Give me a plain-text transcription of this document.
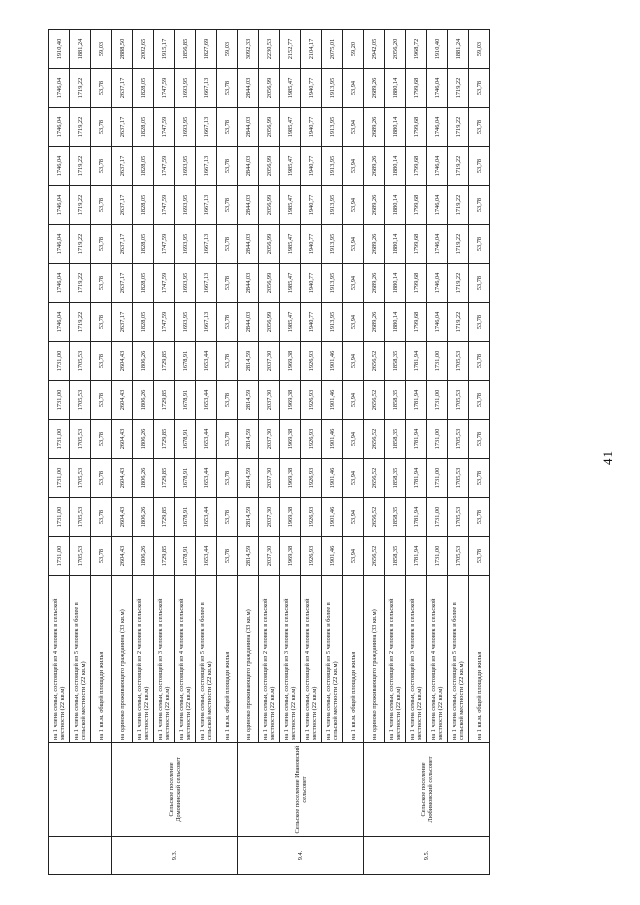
		на 1 члена семьи, состоящей из 4 человек в сельской местности (22 кв.м)	1731,00	1731,00	1731,00	1731,00	1731,00	1731,00	1746,04	1746,04	1746,04	1746,04	1746,04	1746,04	1746,04	1910,40
		на 1 члена семьи, состоящей из 5 человек и более в сельской местности (22 кв.м)	1705,53	1705,53	1705,53	1705,53	1705,53	1705,53	1719,22	1719,22	1719,22	1719,22	1719,22	1719,22	1719,22	1881,24
		на 1 кв.м. общей площади жилья	53,78	53,78	53,78	53,78	53,78	53,78	53,78	53,78	53,78	53,78	53,78	53,78	53,78	59,03
9.3.	Сельское поселение Домовинский сельсовет	на одиноко проживающего гражданина (33 кв.м)	2604,43	2604,43	2604,43	2604,43	2604,43	2604,43	2637,17	2637,17	2637,17	2637,17	2637,17	2637,17	2637,17	2888,50
		на 1 члена семьи, состоящей из 2 человек в сельской местности (22 кв.м)	1806,26	1806,26	1806,26	1806,26	1806,26	1806,26	1828,05	1828,05	1828,05	1828,05	1828,05	1828,05	1828,05	2002,65
		на 1 члена семьи, состоящей из 3 человек в сельской местности (22 кв.м)	1729,85	1729,85	1729,85	1729,85	1729,85	1729,85	1747,59	1747,59	1747,59	1747,59	1747,59	1747,59	1747,59	1915,17
		на 1 члена семьи, состоящей из 4 человек в сельской местности (22 кв.м)	1678,91	1678,91	1678,91	1678,91	1678,91	1678,91	1693,95	1693,95	1693,95	1693,95	1693,95	1693,95	1693,95	1856,85
		на 1 члена семьи, состоящей из 5 человек и более в сельской местности (22 кв.м)	1653,44	1653,44	1653,44	1653,44	1653,44	1653,44	1667,13	1667,13	1667,13	1667,13	1667,13	1667,13	1667,13	1827,69
		на 1 кв.м. общей площади жилья	53,78	53,78	53,78	53,78	53,78	53,78	53,78	53,78	53,78	53,78	53,78	53,78	53,78	59,03
9.4.	Сельское поселение Ивановский сельсовет	на одиноко проживающего гражданина (33 кв.м)	2814,59	2814,59	2814,59	2814,59	2814,59	2814,59	2844,03	2844,03	2844,03	2844,03	2844,03	2844,03	2844,03	3092,33
		на 1 члена семьи, состоящей из 2 человек в сельской местности (22 кв.м)	2037,30	2037,30	2037,30	2037,30	2037,30	2037,30	2056,99	2056,99	2056,99	2056,99	2056,99	2056,99	2056,99	2230,53
		на 1 члена семьи, состоящей из 3 человек в сельской местности (22 кв.м)	1969,38	1969,38	1969,38	1969,38	1969,38	1969,38	1985,47	1985,47	1985,47	1985,47	1985,47	1985,47	1985,47	2152,77
		на 1 члена семьи, состоящей из 4 человек в сельской местности (22 кв.м)	1926,93	1926,93	1926,93	1926,93	1926,93	1926,93	1940,77	1940,77	1940,77	1940,77	1940,77	1940,77	1940,77	2104,17
		на 1 члена семьи, состоящей из 5 человек и более в сельской местности (22 кв.м)	1901,46	1901,46	1901,46	1901,46	1901,46	1901,46	1913,95	1913,95	1913,95	1913,95	1913,95	1913,95	1913,95	2075,01
		на 1 кв.м. общей площади жилья	53,94	53,94	53,94	53,94	53,94	53,94	53,94	53,94	53,94	53,94	53,94	53,94	53,94	59,20
9.5.	Сельское поселение Любимовский сельсовет	на одиноко проживающего гражданина (33 кв.м)	2656,52	2656,52	2656,52	2656,52	2656,52	2656,52	2689,26	2689,26	2689,26	2689,26	2689,26	2689,26	2689,26	2942,05
		на 1 члена семьи, состоящей из 2 человек в сельской местности (22 кв.м)	1858,35	1858,35	1858,35	1858,35	1858,35	1858,35	1880,14	1880,14	1880,14	1880,14	1880,14	1880,14	1880,14	2056,20
		на 1 члена семьи, состоящей из 3 человек в сельской местности (22 кв.м)	1781,94	1781,94	1781,94	1781,94	1781,94	1781,94	1799,68	1799,68	1799,68	1799,68	1799,68	1799,68	1799,68	1968,72
		на 1 члена семьи, состоящей из 4 человек в сельской местности (22 кв.м)	1731,00	1731,00	1731,00	1731,00	1731,00	1731,00	1746,04	1746,04	1746,04	1746,04	1746,04	1746,04	1746,04	1910,40
		на 1 члена семьи, состоящей из 5 человек и более в сельской местности (22 кв.м)	1705,53	1705,53	1705,53	1705,53	1705,53	1705,53	1719,22	1719,22	1719,22	1719,22	1719,22	1719,22	1719,22	1881,24
		на 1 кв.м. общей площади жилья	53,78	53,78	53,78	53,78	53,78	53,78	53,78	53,78	53,78	53,78	53,78	53,78	53,78	59,03
41
